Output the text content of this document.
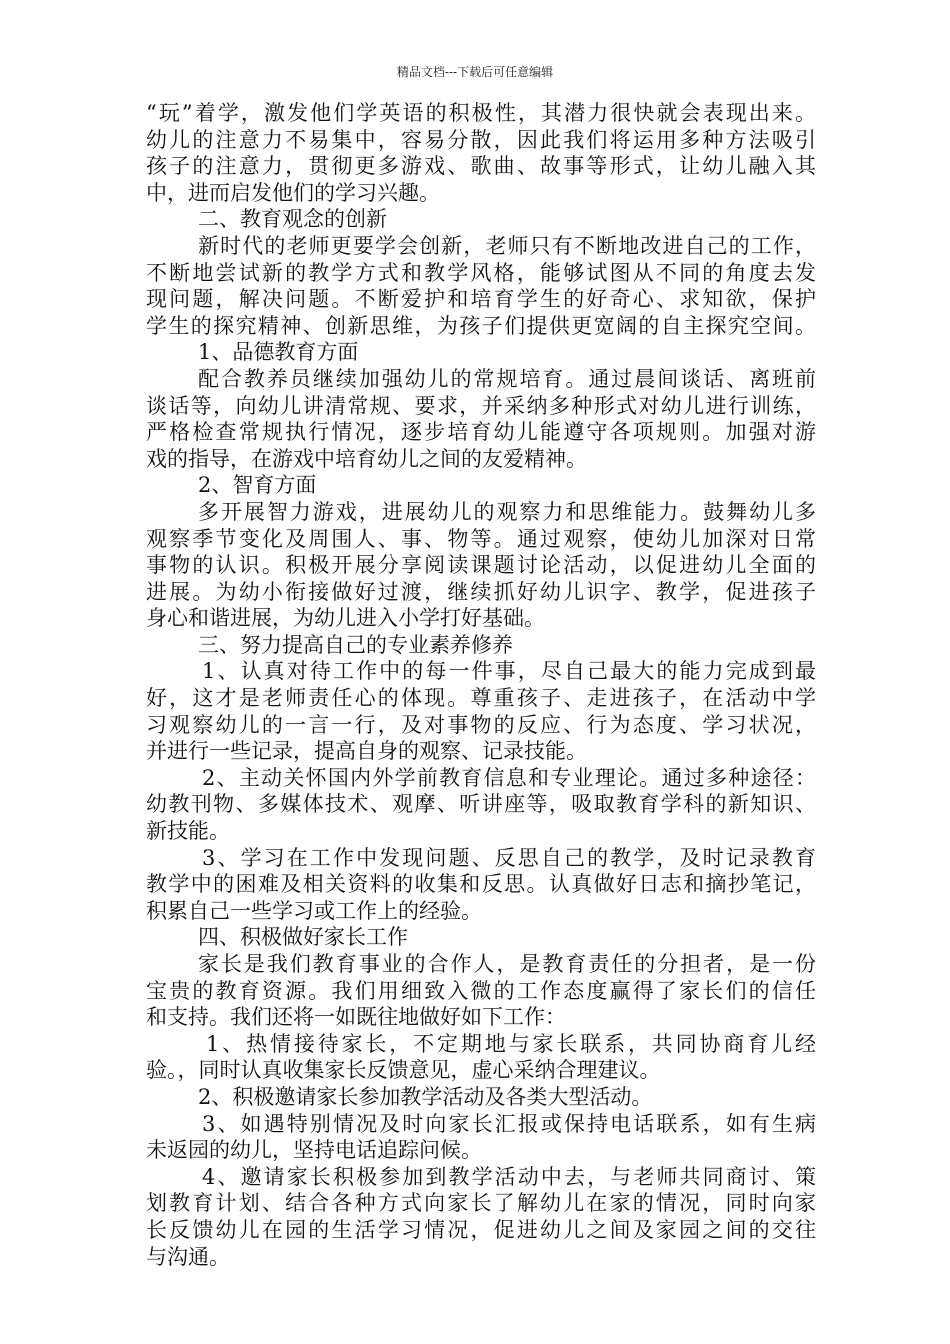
精品文档---下载后可任意编辑
“玩”着学，激发他们学英语的积极性，其潜力很快就会表现出来。
幼儿的注意力不易集中，容易分散，因此我们将运用多种方法吸引
孩子的注意力，贯彻更多游戏、歌曲、故事等形式，让幼儿融入其
中，进而启发他们的学习兴趣。
二、教育观念的创新
新时代的老师更要学会创新，老师只有不断地改进自己的工作，
不断地尝试新的教学方式和教学风格，能够试图从不同的角度去发
现问题，解决问题。不断爱护和培育学生的好奇心、求知欲，保护
学生的探究精神、创新思维，为孩子们提供更宽阔的自主探究空间。
1、品德教育方面
配合教养员继续加强幼儿的常规培育。通过晨间谈话、离班前
谈话等，向幼儿讲清常规、要求，并采纳多种形式对幼儿进行训练，
严格检查常规执行情况，逐步培育幼儿能遵守各项规则。加强对游
戏的指导，在游戏中培育幼儿之间的友爱精神。
2、智育方面
多开展智力游戏，进展幼儿的观察力和思维能力。鼓舞幼儿多
观察季节变化及周围人、事、物等。通过观察，使幼儿加深对日常
事物的认识。积极开展分享阅读课题讨论活动，以促进幼儿全面的
进展。为幼小衔接做好过渡，继续抓好幼儿识字、教学，促进孩子
身心和谐进展，为幼儿进入小学打好基础。
三、努力提高自己的专业素养修养
1、认真对待工作中的每一件事，尽自己最大的能力完成到最
好，这才是老师责任心的体现。尊重孩子、走进孩子，在活动中学
习观察幼儿的一言一行，及对事物的反应、行为态度、学习状况，
并进行一些记录，提高自身的观察、记录技能。
2、主动关怀国内外学前教育信息和专业理论。通过多种途径：
幼教刊物、多媒体技术、观摩、听讲座等，吸取教育学科的新知识、
新技能。
3、学习在工作中发现问题、反思自己的教学，及时记录教育
教学中的困难及相关资料的收集和反思。认真做好日志和摘抄笔记，
积累自己一些学习或工作上的经验。
四、积极做好家长工作
家长是我们教育事业的合作人，是教育责任的分担者，是一份
宝贵的教育资源。我们用细致入微的工作态度赢得了家长们的信任
和支持。我们还将一如既往地做好如下工作：
1、热情接待家长，不定期地与家长联系，共同协商育儿经
验。，同时认真收集家长反馈意见，虚心采纳合理建议。
2、积极邀请家长参加教学活动及各类大型活动。
3、如遇特别情况及时向家长汇报或保持电话联系，如有生病
未返园的幼儿，坚持电话追踪问候。
4、邀请家长积极参加到教学活动中去，与老师共同商讨、策
划教育计划、结合各种方式向家长了解幼儿在家的情况，同时向家
长反馈幼儿在园的生活学习情况，促进幼儿之间及家园之间的交往
与沟通。
